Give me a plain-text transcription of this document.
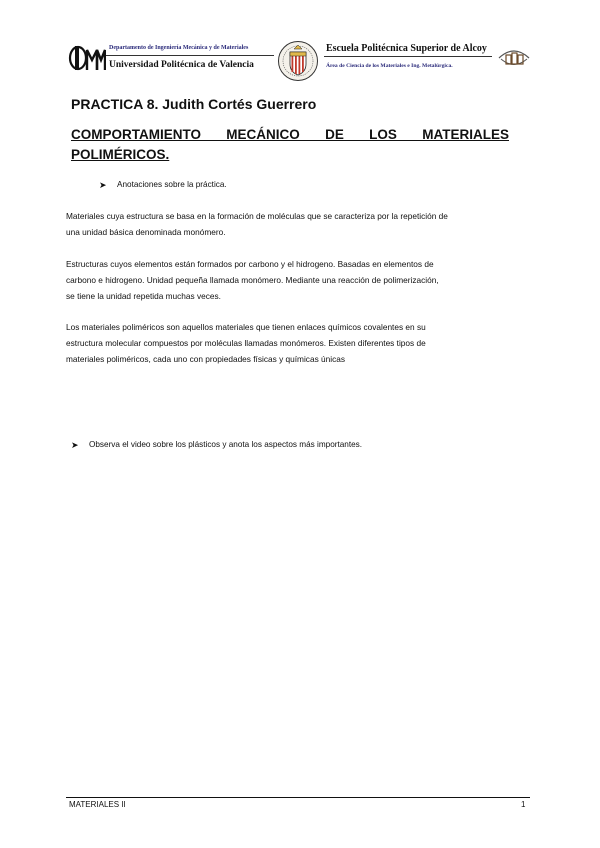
Departamento de Ingeniería Mecánica y de Materiales
Universidad Politécnica de Valencia
Escuela Politécnica Superior de Alcoy
Área de Ciencia de los Materiales e Ing. Metalúrgica.
PRACTICA 8. Judith Cortés Guerrero
COMPORTAMIENTO MECÁNICO DE LOS MATERIALES
POLIMÉRICOS.
➤ Anotaciones sobre la práctica.
Materiales cuya estructura se basa en la formación de moléculas que se caracteriza por la repetición de
una unidad básica denominada monómero.
Estructuras cuyos elementos están formados por carbono y el hidrogeno. Basadas en elementos de
carbono e hidrogeno. Unidad pequeña llamada monómero. Mediante una reacción de polimerización,
se tiene la unidad repetida muchas veces.
Los materiales poliméricos son aquellos materiales que tienen enlaces químicos covalentes en su
estructura molecular compuestos por moléculas llamadas monómeros. Existen diferentes tipos de
materiales poliméricos, cada uno con propiedades físicas y químicas únicas
➤ Observa el video sobre los plásticos y anota los aspectos más importantes.
MATERIALES II	1
